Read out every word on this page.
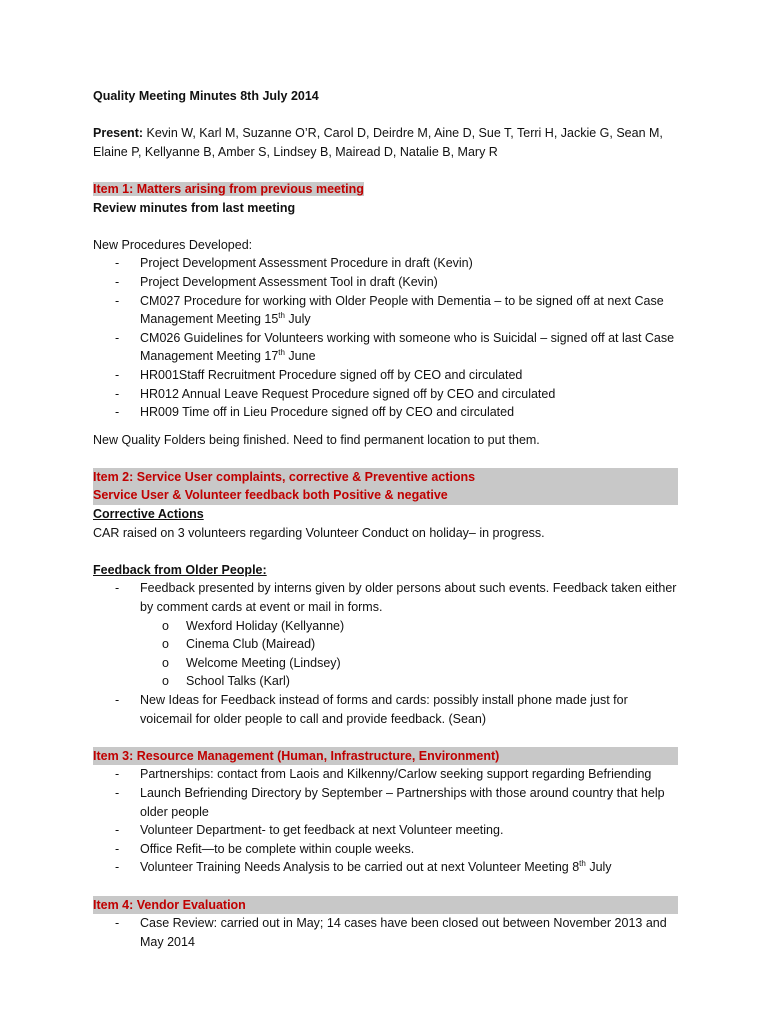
Quality Meeting Minutes 8th July 2014

Present: Kevin W, Karl M, Suzanne O’R, Carol D, Deirdre M, Aine D, Sue T, Terri H, Jackie G, Sean M, Elaine P, Kellyanne B, Amber S, Lindsey B, Mairead D, Natalie B, Mary R

Item 1: Matters arising from previous meeting

Review minutes from last meeting

New Procedures Developed:

- Project Development Assessment Procedure in draft (Kevin)
- Project Development Assessment Tool in draft (Kevin)
- CM027 Procedure for working with Older People with Dementia – to be signed off at next Case Management Meeting 15th July
- CM026 Guidelines for Volunteers working with someone who is Suicidal – signed off at last Case Management Meeting 17th June
- HR001Staff Recruitment Procedure signed off by CEO and circulated
- HR012 Annual Leave Request Procedure signed off by CEO and circulated
- HR009 Time off in Lieu Procedure signed off by CEO and circulated

New Quality Folders being finished. Need to find permanent location to put them.

Item 2: Service User complaints, corrective & Preventive actions

Service User & Volunteer feedback both Positive & negative

Corrective Actions

CAR raised on 3 volunteers regarding Volunteer Conduct on holiday– in progress.

Feedback from Older People:

- Feedback presented by interns given by older persons about such events. Feedback taken either by comment cards at event or mail in forms.
o Wexford Holiday (Kellyanne)
o Cinema Club (Mairead)
o Welcome Meeting (Lindsey)
o School Talks (Karl)
- New Ideas for Feedback instead of forms and cards: possibly install phone made just for voicemail for older people to call and provide feedback. (Sean)

Item 3: Resource Management (Human, Infrastructure, Environment)

- Partnerships: contact from Laois and Kilkenny/Carlow seeking support regarding Befriending
- Launch Befriending Directory by September – Partnerships with those around country that help older people
- Volunteer Department- to get feedback at next Volunteer meeting.
- Office Refit—to be complete within couple weeks.
- Volunteer Training Needs Analysis to be carried out at next Volunteer Meeting 8th July

Item 4: Vendor Evaluation

- Case Review: carried out in May; 14 cases have been closed out between November 2013 and May 2014
